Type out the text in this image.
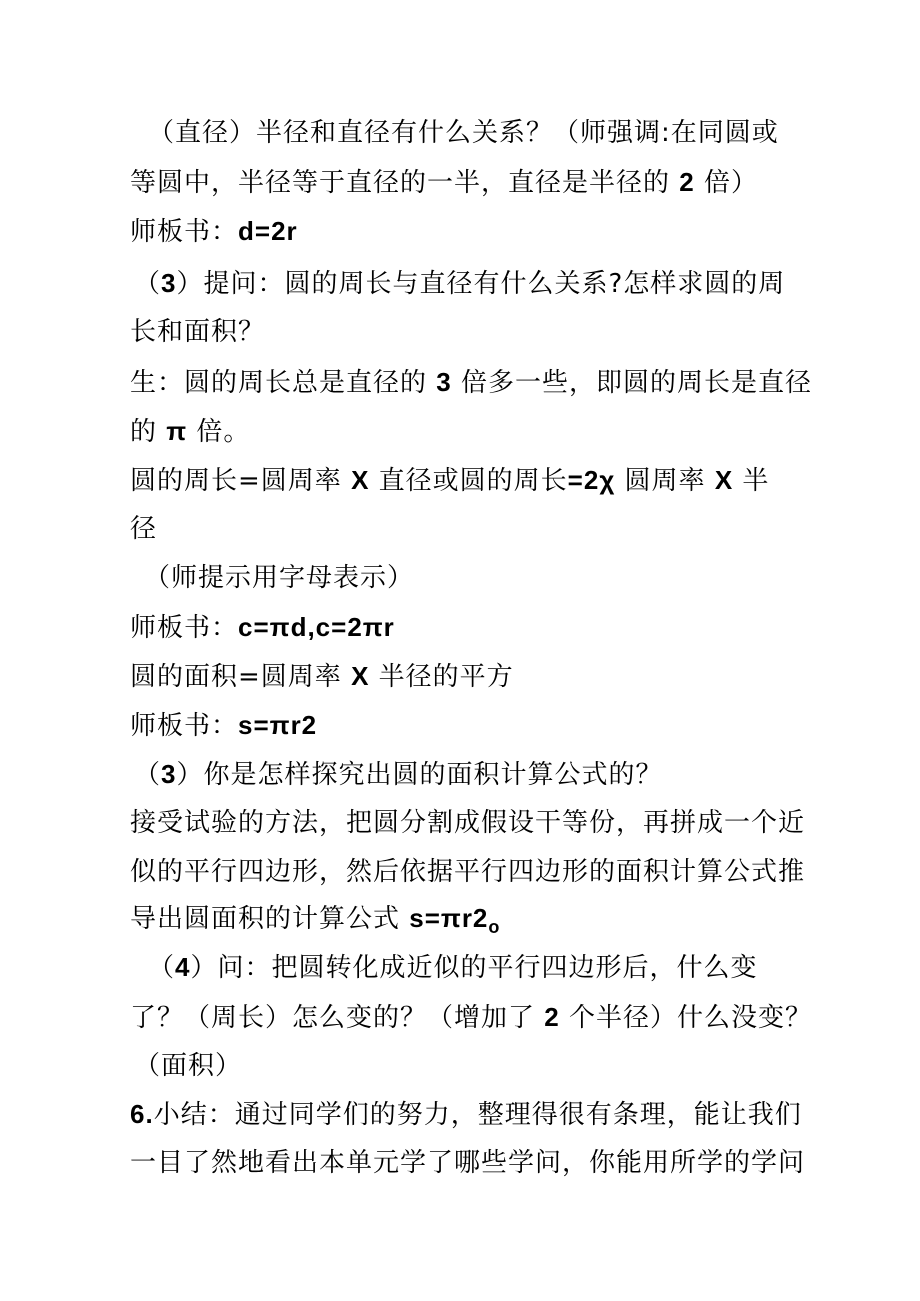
（直径）半径和直径有什么关系？（师强调:在同圆或
等圆中，半径等于直径的一半，直径是半径的 2 倍）
师板书：d=2r
（3）提问：圆的周长与直径有什么关系?怎样求圆的周
长和面积？
生：圆的周长总是直径的 3 倍多一些，即圆的周长是直径
的 π 倍。
圆的周长=圆周率 X 直径或圆的周长=2χ 圆周率 X 半
径
（师提示用字母表示）
师板书：c=πd,c=2πr
圆的面积=圆周率 X 半径的平方
师板书：s=πr2
（3）你是怎样探究出圆的面积计算公式的？
接受试验的方法，把圆分割成假设干等份，再拼成一个近
似的平行四边形，然后依据平行四边形的面积计算公式推
导出圆面积的计算公式 $s=\pi r2_o$
（4）问：把圆转化成近似的平行四边形后，什么变
了？（周长）怎么变的？（增加了 2 个半径）什么没变？
（面积）
6.小结：通过同学们的努力，整理得很有条理，能让我们
一目了然地看出本单元学了哪些学问，你能用所学的学问
